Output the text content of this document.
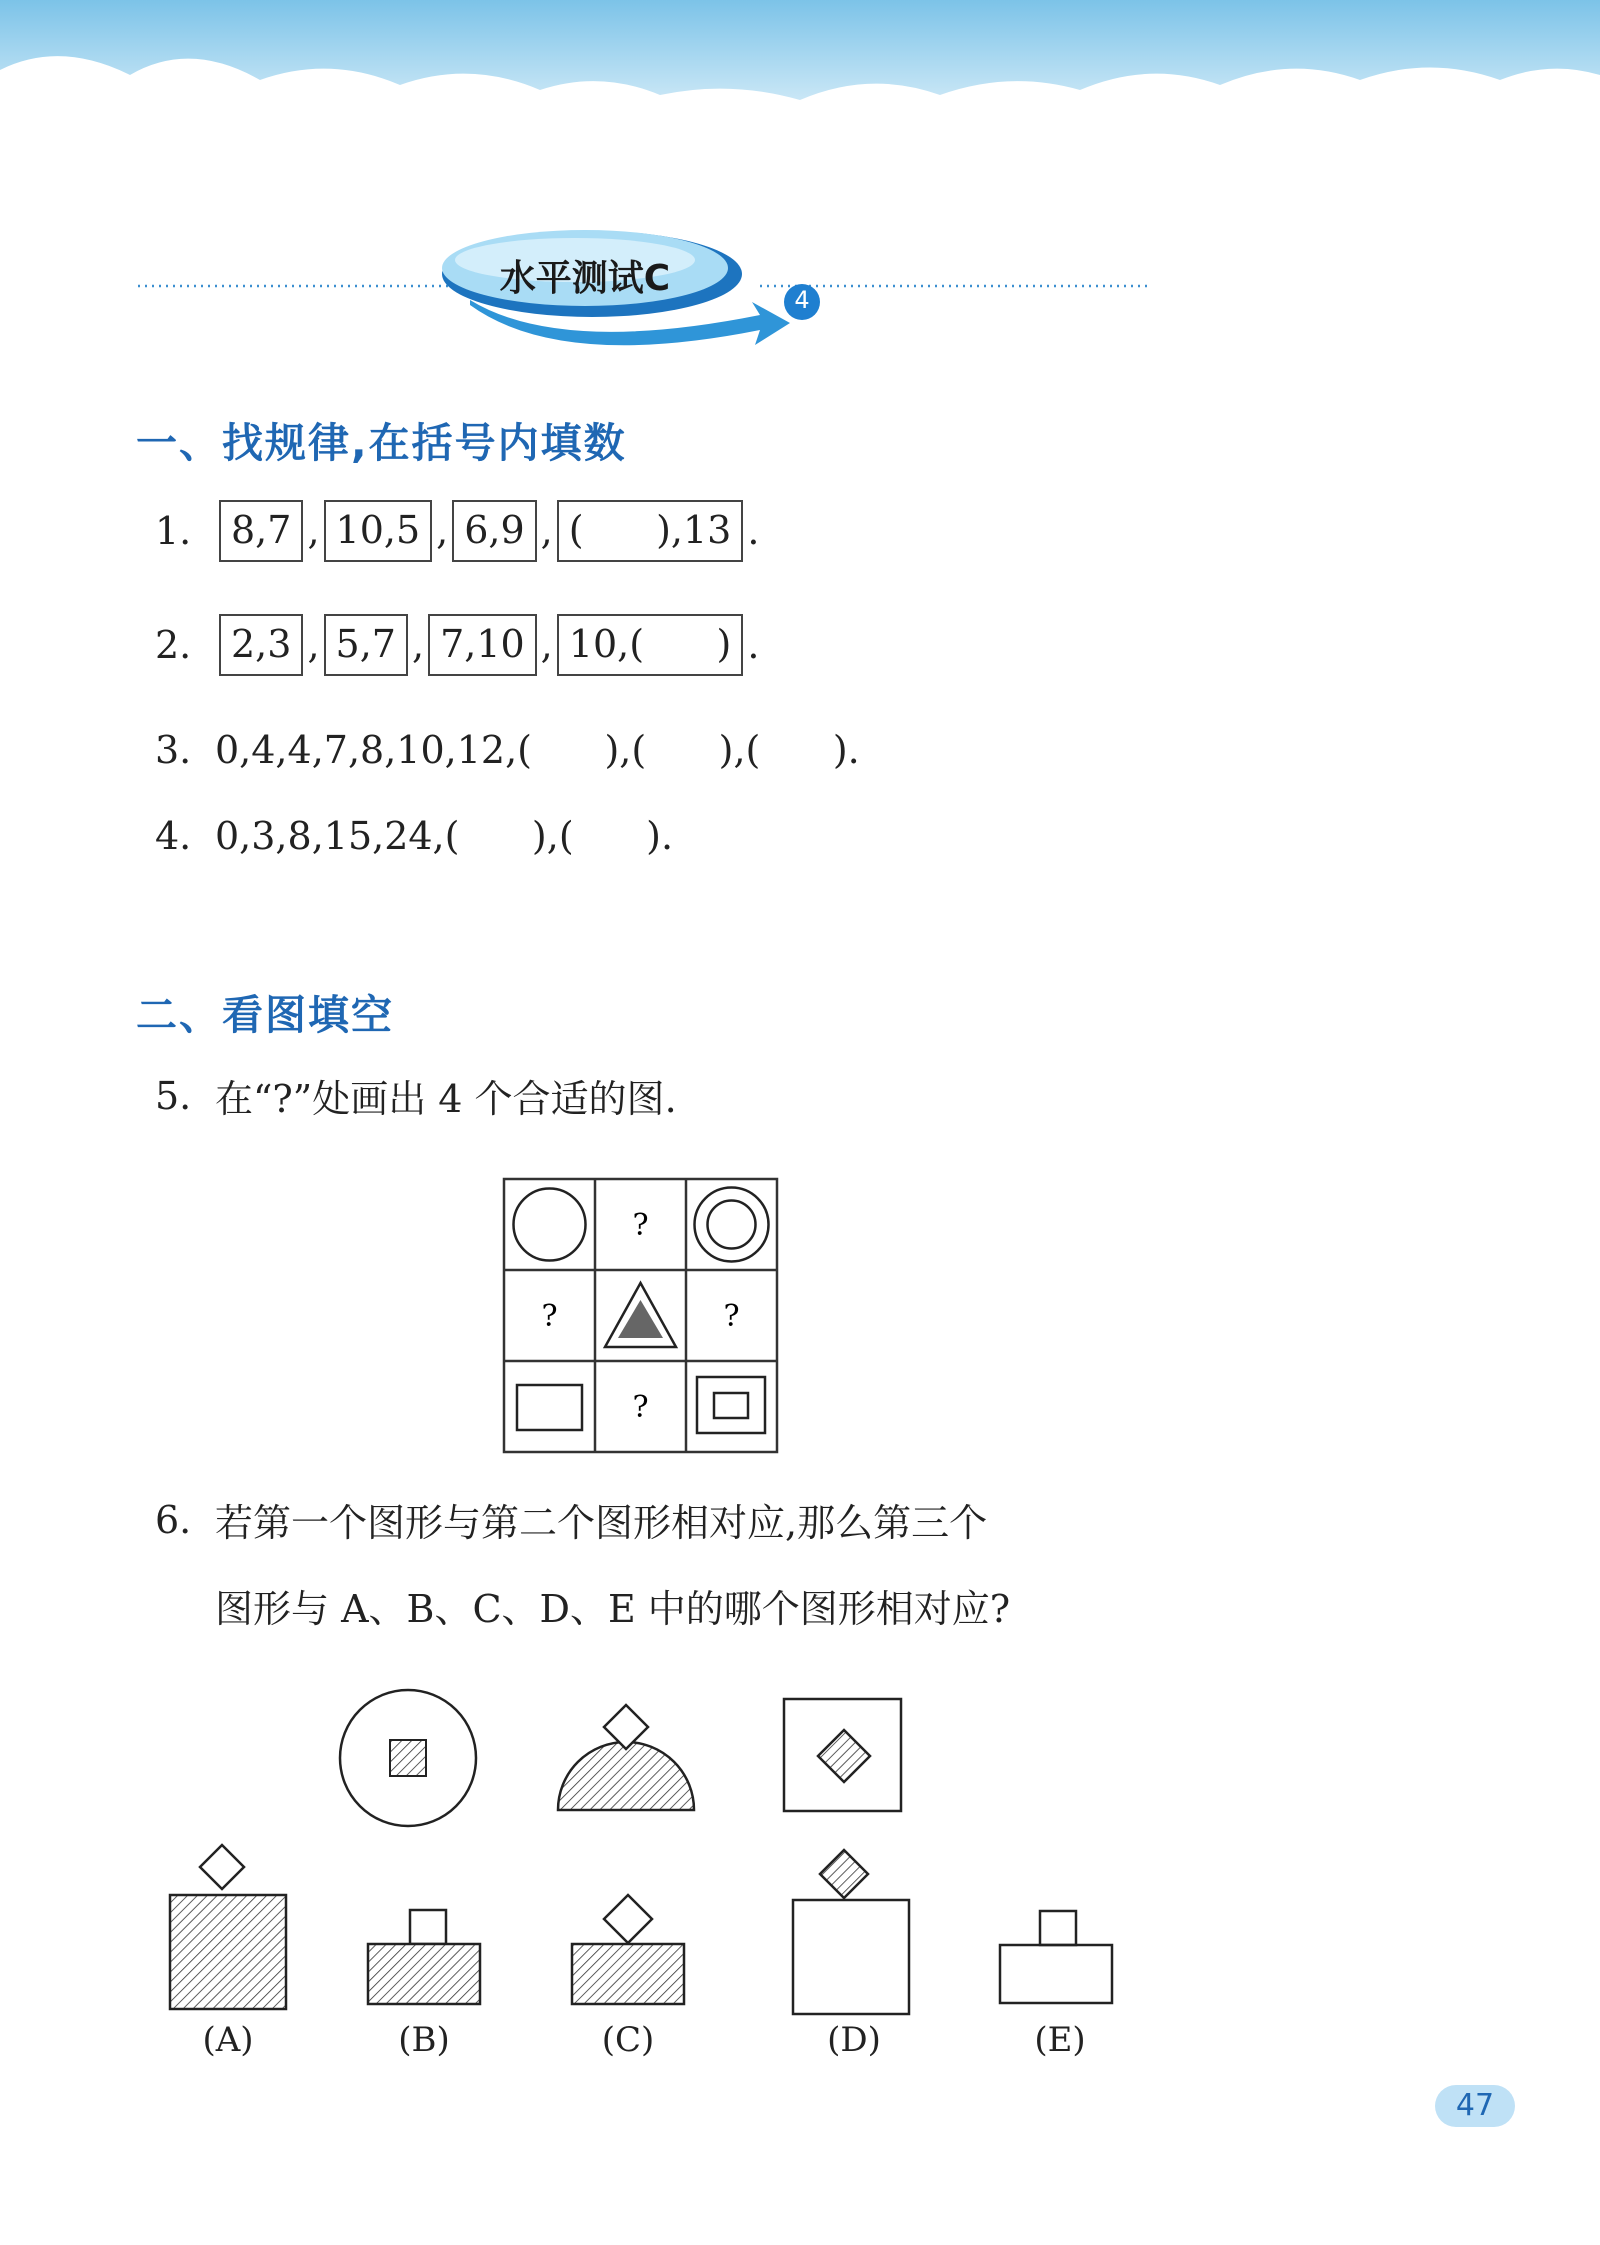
水平测试C
4
一、找规律,在括号内填数
1.	8,7 , 10,5 , 6,9 , (      ),13 .
2.	2,3 , 5,7 , 7,10 , 10,(      ) .
3. 0,4,4,7,8,10,12,(      ),(      ),(      ).
4. 0,3,8,15,24,(      ),(      ).
二、看图填空
5. 在“?”处画出 4 个合适的图.
?
?	?
?
6. 若第一个图形与第二个图形相对应,那么第三个
图形与 A、B、C、D、E 中的哪个图形相对应?
(A)	(B)	(C)	(D)	(E)
47
